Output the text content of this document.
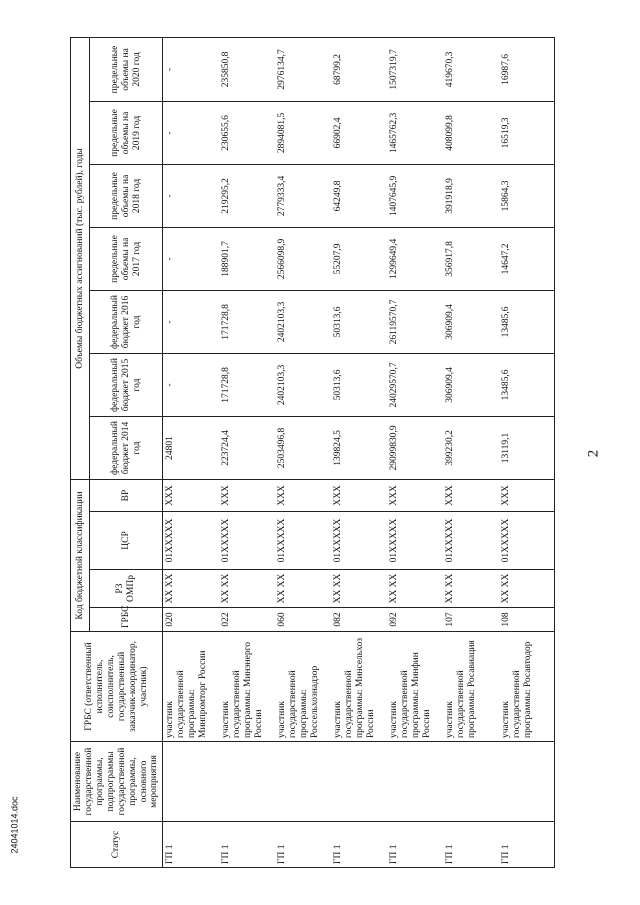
2
24041014.doc	Статус	Наименование государственной программы, подпрограммы государственной программы, основного мероприятия	ГРБС (ответственный исполнитель, соисполнитель, государственный заказчик-координатор, участник)	Код бюджетной классификации				Объемы бюджетных ассигнований (тыс. рублей), годы						
			ГРБС	РЗ ОМПр	ЦСР	ВР	федеральный бюджет 2014 год	федеральный бюджет 2015 год	федеральный бюджет 2016 год	предельные объемы на 2017 год	предельные объемы на 2018 год	предельные объемы на 2019 год	предельные объемы на 2020 год
ГП 1		участник государственной программы: Минпромторг России	020	XX XX	01XXXXX	XXX	24801	-	-	-	-	-	-
ГП 1		участник государственной программы: Минэнерго России	022	XX XX	01XXXXX	XXX	223724,4	171728,8	171728,8	188901,7	219295,2	230655,6	235850,8
ГП 1		участник государственной программы: Россельхознадзор	060	XX XX	01XXXXX	XXX	2503496,8	2402103,3	2402103,3	2566098,9	2779333,4	2894081,5	2976134,7
ГП 1		участник государственной программы: Минсельхоз России	082	XX XX	01XXXXX	XXX	139824,5	50313,6	50313,6	55207,9	64249,8	66902,4	68799,2
ГП 1		участник государственной программы: Минфин России	092	XX XX	01XXXXX	XXX	29099830,9	24029570,7	26119570,7	1299649,4	1407645,9	1465762,3	1507319,7
ГП 1		участник государственной программы: Росавиация	107	XX XX	01XXXXX	XXX	399230,2	306909,4	306909,4	356917,8	391918,9	408099,8	419670,3
ГП 1		участник государственной программы: Росавтодор	108	XX XX	01XXXXX	XXX	13119,1	13485,6	13485,6	14647,2	15864,3	16519,3	16987,6
